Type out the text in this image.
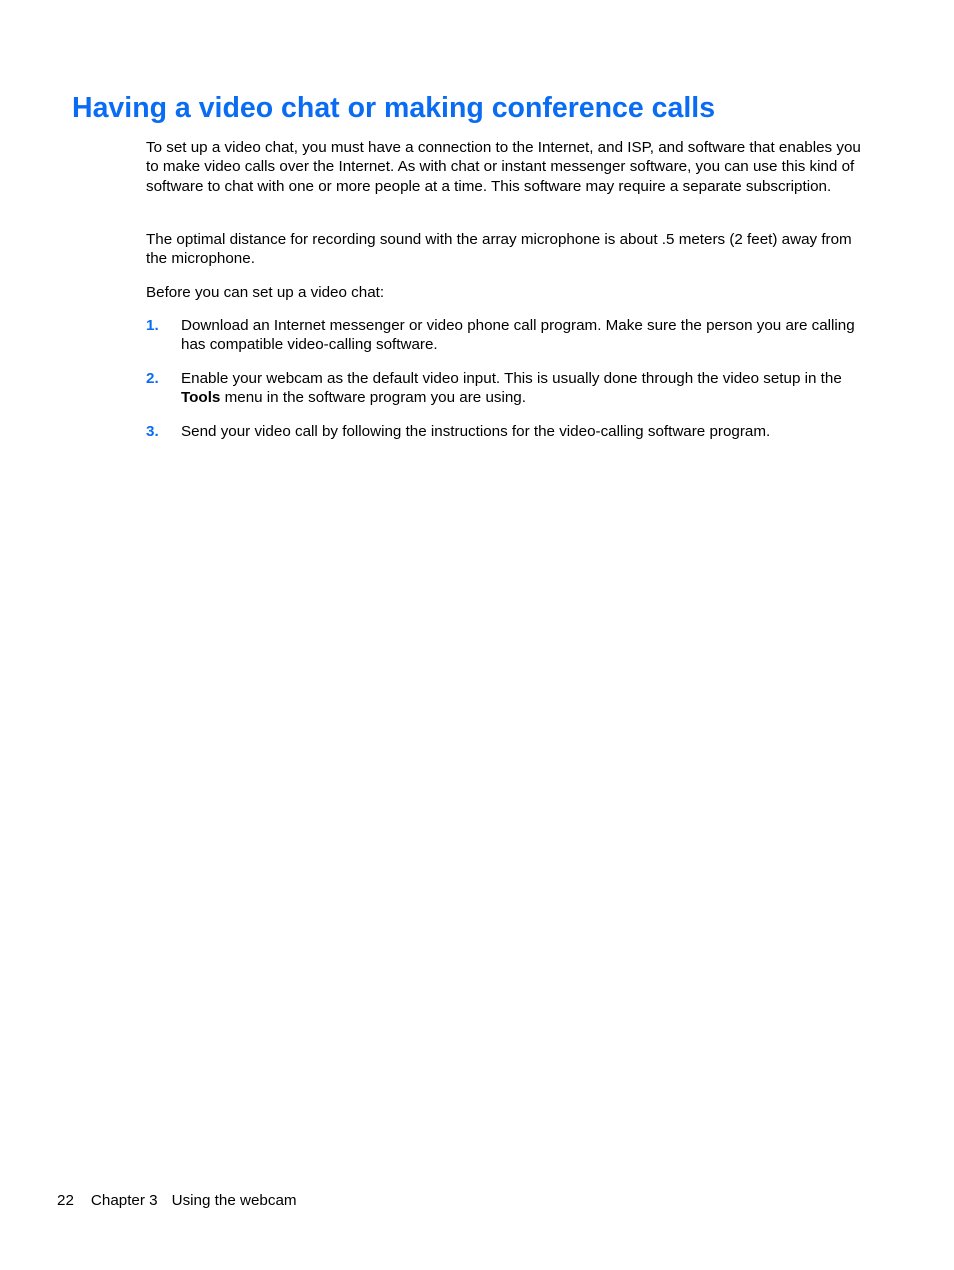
Having a video chat or making conference calls

To set up a video chat, you must have a connection to the Internet, and ISP, and software that enables you to make video calls over the Internet. As with chat or instant messenger software, you can use this kind of software to chat with one or more people at a time. This software may require a separate subscription.

The optimal distance for recording sound with the array microphone is about .5 meters (2 feet) away from the microphone.

Before you can set up a video chat:

1.	Download an Internet messenger or video phone call program. Make sure the person you are calling has compatible video-calling software.
2.	Enable your webcam as the default video input. This is usually done through the video setup in the Tools menu in the software program you are using.
3.	Send your video call by following the instructions for the video-calling software program.
22 Chapter 3 Using the webcam
